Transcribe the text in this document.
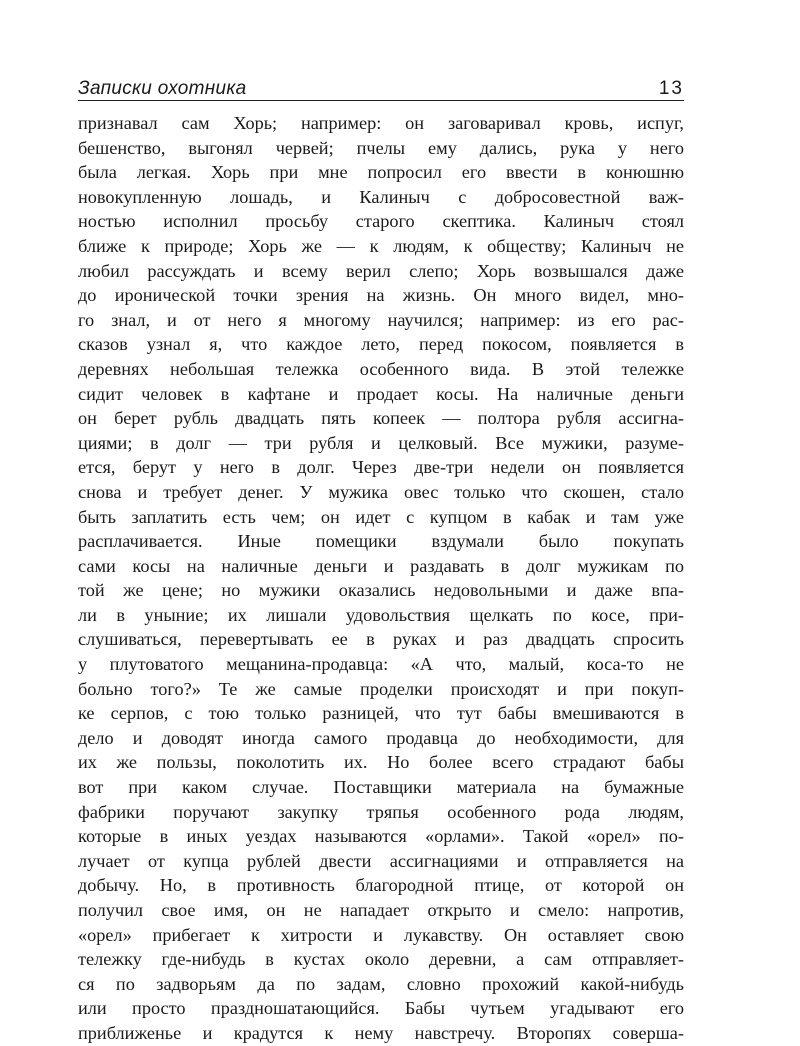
Записки охотника	13
признавал сам Хорь; например: он заговаривал кровь, испуг,
бешенство, выгонял червей; пчелы ему дались, рука у него
была легкая. Хорь при мне попросил его ввести в конюшню
новокупленную лошадь, и Калиныч с добросовестной важ-
ностью исполнил просьбу старого скептика. Калиныч стоял
ближе к природе; Хорь же — к людям, к обществу; Калиныч не
любил рассуждать и всему верил слепо; Хорь возвышался даже
до иронической точки зрения на жизнь. Он много видел, мно-
го знал, и от него я многому научился; например: из его рас-
сказов узнал я, что каждое лето, перед покосом, появляется в
деревнях небольшая тележка особенного вида. В этой тележке
сидит человек в кафтане и продает косы. На наличные деньги
он берет рубль двадцать пять копеек — полтора рубля ассигна-
циями; в долг — три рубля и целковый. Все мужики, разуме-
ется, берут у него в долг. Через две-три недели он появляется
снова и требует денег. У мужика овес только что скошен, стало
быть заплатить есть чем; он идет с купцом в кабак и там уже
расплачивается. Иные помещики вздумали было покупать
сами косы на наличные деньги и раздавать в долг мужикам по
той же цене; но мужики оказались недовольными и даже впа-
ли в уныние; их лишали удовольствия щелкать по косе, при-
слушиваться, перевертывать ее в руках и раз двадцать спросить
у плутоватого мещанина-продавца: «А что, малый, коса-то не
больно того?» Те же самые проделки происходят и при покуп-
ке серпов, с тою только разницей, что тут бабы вмешиваются в
дело и доводят иногда самого продавца до необходимости, для
их же пользы, поколотить их. Но более всего страдают бабы
вот при каком случае. Поставщики материала на бумажные
фабрики поручают закупку тряпья особенного рода людям,
которые в иных уездах называются «орлами». Такой «орел» по-
лучает от купца рублей двести ассигнациями и отправляется на
добычу. Но, в противность благородной птице, от которой он
получил свое имя, он не нападает открыто и смело: напротив,
«орел» прибегает к хитрости и лукавству. Он оставляет свою
тележку где-нибудь в кустах около деревни, а сам отправляет-
ся по задворьям да по задам, словно прохожий какой-нибудь
или просто праздношатающийся. Бабы чутьем угадывают его
приближенье и крадутся к нему навстречу. Второпях соверша-
